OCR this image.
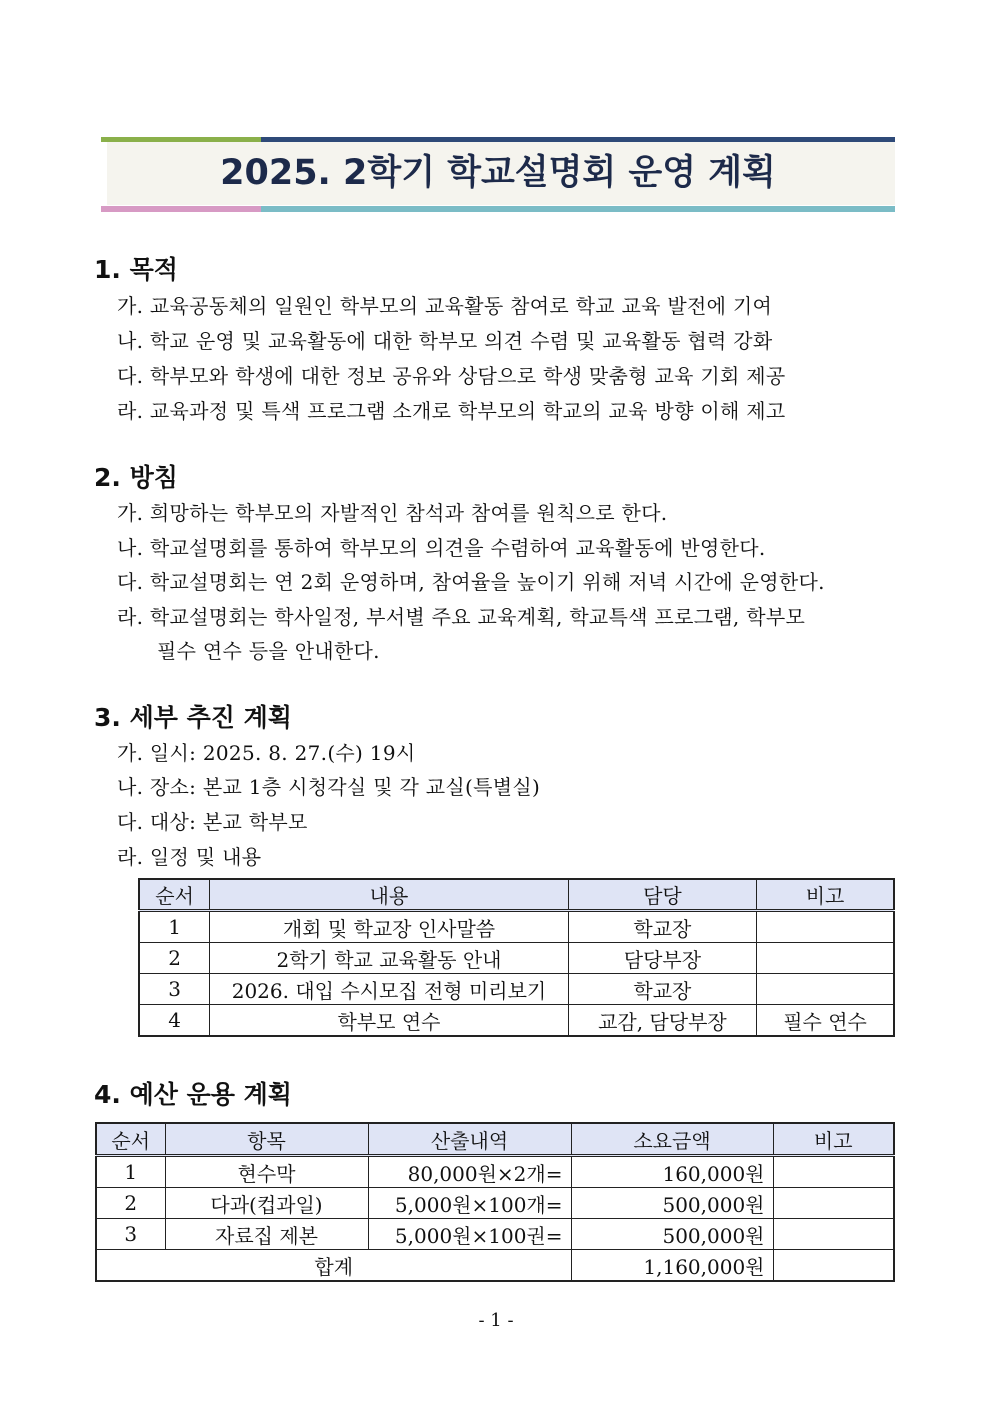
2025. 2학기 학교설명회 운영 계획
1. 목적
가. 교육공동체의 일원인 학부모의 교육활동 참여로 학교 교육 발전에 기여
나. 학교 운영 및 교육활동에 대한 학부모 의견 수렴 및 교육활동 협력 강화
다. 학부모와 학생에 대한 정보 공유와 상담으로 학생 맞춤형 교육 기회 제공
라. 교육과정 및 특색 프로그램 소개로 학부모의 학교의 교육 방향 이해 제고
2. 방침
가. 희망하는 학부모의 자발적인 참석과 참여를 원칙으로 한다.
나. 학교설명회를 통하여 학부모의 의견을 수렴하여 교육활동에 반영한다.
다. 학교설명회는 연 2회 운영하며, 참여율을 높이기 위해 저녁 시간에 운영한다.
라. 학교설명회는 학사일정, 부서별 주요 교육계획, 학교특색 프로그램, 학부모
필수 연수 등을 안내한다.
3. 세부 추진 계획
가. 일시: 2025. 8. 27.(수) 19시
나. 장소: 본교 1층 시청각실 및 각 교실(특별실)
다. 대상: 본교 학부모
라. 일정 및 내용
순서	내용	담당	비고
1	개회 및 학교장 인사말씀	학교장	
2	2학기 학교 교육활동 안내	담당부장	
3	2026. 대입 수시모집 전형 미리보기	학교장	
4	학부모 연수	교감, 담당부장	필수 연수
4. 예산 운용 계획
순서	항목	산출내역	소요금액	비고
1	현수막	80,000원×2개=	160,000원	
2	다과(컵과일)	5,000원×100개=	500,000원	
3	자료집 제본	5,000원×100권=	500,000원	
합계			1,160,000원	
- 1 -
